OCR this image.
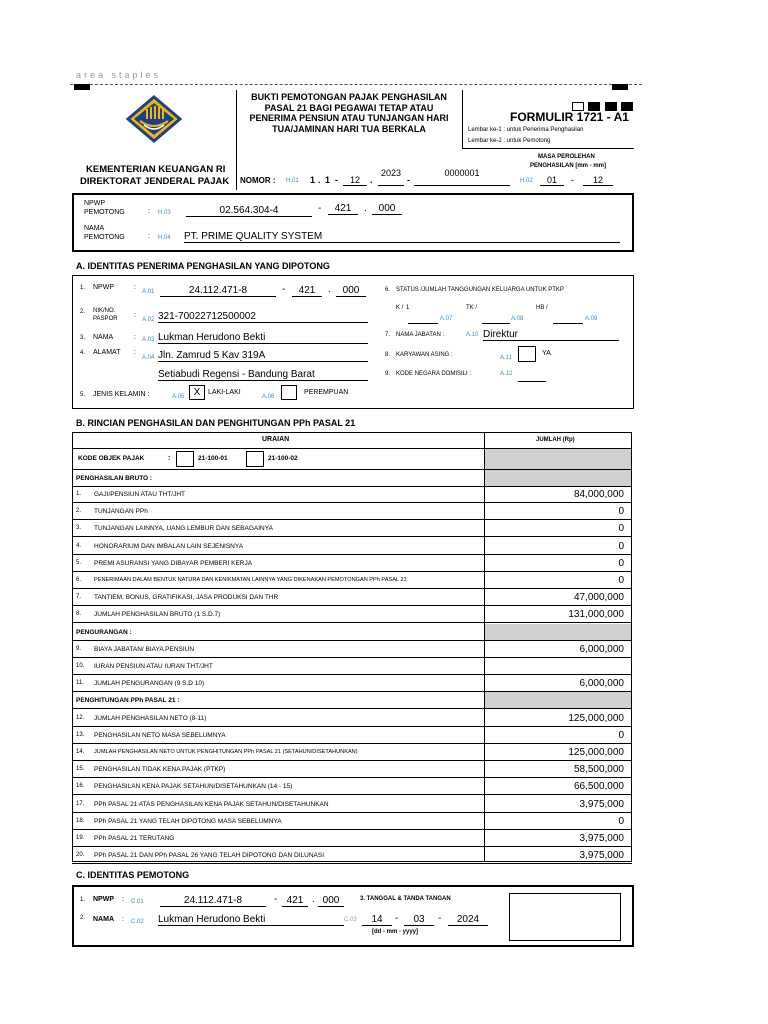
area staples
BUKTI PEMOTONGAN PAJAK PENGHASILAN
PASAL 21 BAGI PEGAWAI TETAP ATAU
PENERIMA PENSIUN ATAU TUNJANGAN HARI
TUA/JAMINAN HARI TUA BERKALA

FORMULIR 1721 - A1
Lembar ke-1 : untuk Penerima Penghasilan
Lembar ke-2 : untuk Pemotong
MASA PEROLEHAN
PENGHASILAN [mm - mm]
H.02	01	-	12
KEMENTERIAN KEUANGAN RI
DIREKTORAT JENDERAL PAJAK NOMOR : H.01 1 . 1 -	12	.
2023
-
0000001
NPWP
PEMOTONG	: H.03	02.564.304-4	-	421	.	000
NAMA
PEMOTONG	: H.04 PT. PRIME QUALITY SYSTEM
A. IDENTITAS PENERIMA PENGHASILAN YANG DIPOTONG
1. NPWP	:
A.01	24.112.471-8	-	421	.	000
2. NIK/NO.
PASPOR :
A.02 321-70022712500002
3. NAMA	: A.03 Lukman Herudono Bekti
4. ALAMAT :
A.04 Jln. Zamrud 5 Kav 319A
Setiabudi Regensi - Bandung Barat
5. JENIS KELAMIN :	A.05 X	LAKI-LAKI
A.06
PEREMPUAN
6. STATUS /JUMLAH TANGGUNGAN KELUARGA UNTUK PTKP
K / 1
A.07
TK /
A.08
HB /
A.09
7. NAMA JABATAN :	A.10 Direktur
8. KARYAWAN ASING :	A.11
YA
9. KODE NEGARA DOMISILI :	A.12
B. RINCIAN PENGHASILAN DAN PENGHITUNGAN PPh PASAL 21
URAIAN	JUMLAH (Rp)
KODE OBJEK PAJAK	:	21-100-01	21-100-02
PENGHASILAN BRUTO :
1. GAJI/PENSIUN ATAU THT/JHT	84,000,000
2. TUNJANGAN PPh	0
3. TUNJANGAN LAINNYA, UANG LEMBUR DAN SEBAGAINYA	0
4. HONORARIUM DAN IMBALAN LAIN SEJENISNYA	0
5. PREMI ASURANSI YANG DIBAYAR PEMBERI KERJA	0
6. PENERIMAAN DALAM BENTUK NATURA DAN KENIKMATAN LAINNYA YANG DIKENAKAN PEMOTONGAN PPh PASAL 21	0
7. TANTIEM, BONUS, GRATIFIKASI, JASA PRODUKSI DAN THR	47,000,000
8. JUMLAH PENGHASILAN BRUTO (1 S.D.7)	131,000,000
PENGURANGAN :
9. BIAYA JABATAN/ BIAYA PENSIUN	6,000,000
10. IURAN PENSIUN ATAU IURAN THT/JHT
11. JUMLAH PENGURANGAN (9 S.D 10)	6,000,000
PENGHITUNGAN PPh PASAL 21 :
12. JUMLAH PENGHASILAN NETO (8-11)	125,000,000
13. PENGHASILAN NETO MASA SEBELUMNYA	0
14. JUMLAH PENGHASILAN NETO UNTUK PENGHITUNGAN PPh PASAL 21 (SETAHUN/DISETAHUNKAN)	125,000,000
15. PENGHASILAN TIDAK KENA PAJAK (PTKP)	58,500,000
16. PENGHASILAN KENA PAJAK SETAHUN/DISETAHUNKAN (14 - 15)	66,500,000
17. PPh PASAL 21 ATAS PENGHASILAN KENA PAJAK SETAHUN/DISETAHUNKAN	3,975,000
18. PPh PASAL 21 YANG TELAH DIPOTONG MASA SEBELUMNYA	0
19. PPh PASAL 21 TERUTANG	3,975,000
20. PPh PASAL 21 DAN PPh PASAL 26 YANG TELAH DIPOTONG DAN DILUNASI	3,975,000
C. IDENTITAS PEMOTONG
1. NPWP : C.01	24.112.471-8	- 421 . 000
2. NAMA : C.02 Lukman Herudono Bekti
3. TANGGAL & TANDA TANGAN
C.03	14	-	03	-	2024
[dd - mm - yyyy]
